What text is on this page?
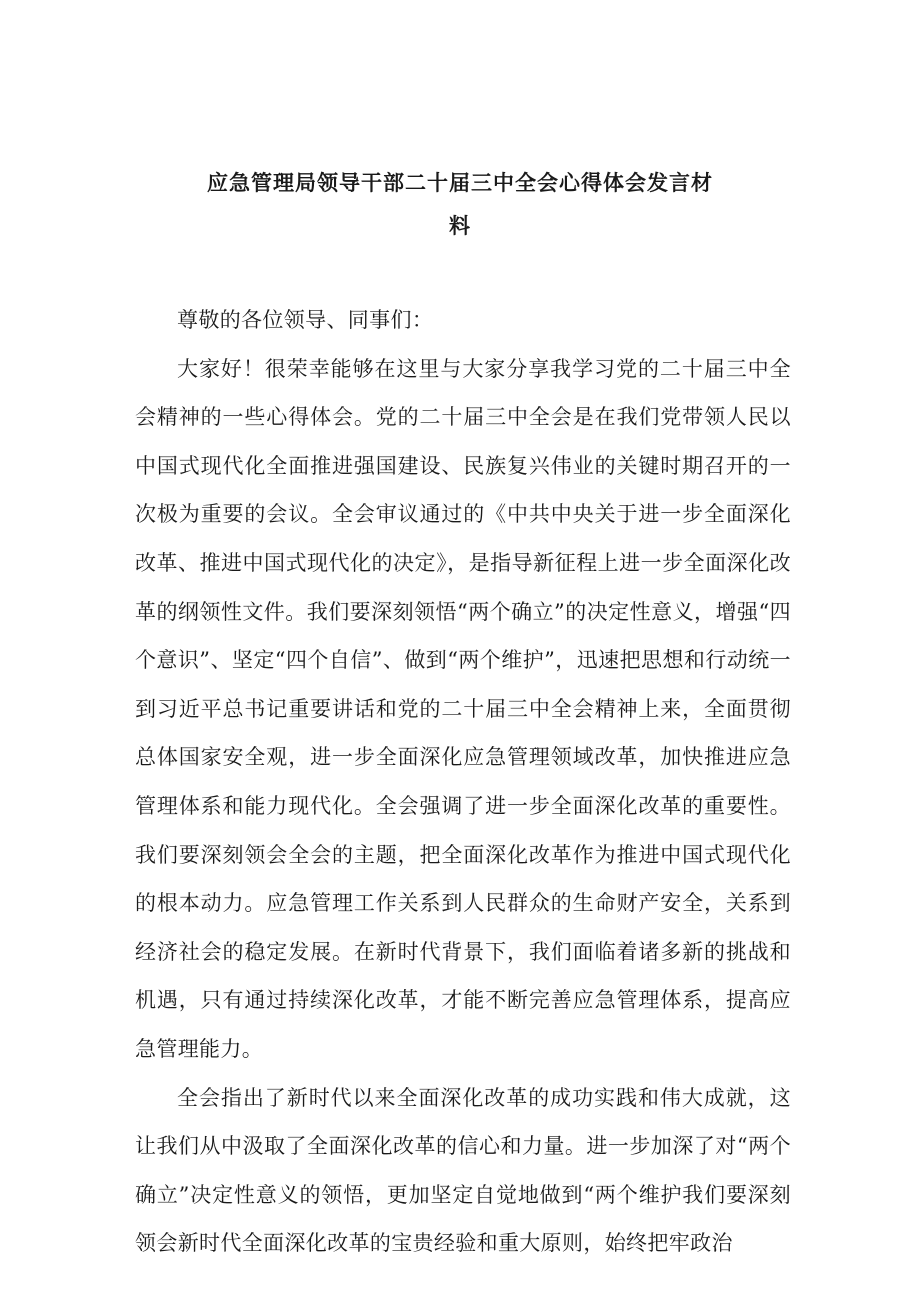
应急管理局领导干部二十届三中全会心得体会发言材
料

尊敬的各位领导、同事们：

大家好！很荣幸能够在这里与大家分享我学习党的二十届三中全会精神的一些心得体会。党的二十届三中全会是在我们党带领人民以中国式现代化全面推进强国建设、民族复兴伟业的关键时期召开的一次极为重要的会议。全会审议通过的《中共中央关于进一步全面深化改革、推进中国式现代化的决定》，是指导新征程上进一步全面深化改革的纲领性文件。我们要深刻领悟“两个确立”的决定性意义，增强“四个意识”、坚定“四个自信”、做到“两个维护”，迅速把思想和行动统一到习近平总书记重要讲话和党的二十届三中全会精神上来，全面贯彻总体国家安全观，进一步全面深化应急管理领域改革，加快推进应急管理体系和能力现代化。全会强调了进一步全面深化改革的重要性。我们要深刻领会全会的主题，把全面深化改革作为推进中国式现代化的根本动力。应急管理工作关系到人民群众的生命财产安全，关系到经济社会的稳定发展。在新时代背景下，我们面临着诸多新的挑战和机遇，只有通过持续深化改革，才能不断完善应急管理体系，提高应急管理能力。

全会指出了新时代以来全面深化改革的成功实践和伟大成就，这让我们从中汲取了全面深化改革的信心和力量。进一步加深了对“两个确立”决定性意义的领悟，更加坚定自觉地做到“两个维护我们要深刻领会新时代全面深化改革的宝贵经验和重大原则，始终把牢政治
